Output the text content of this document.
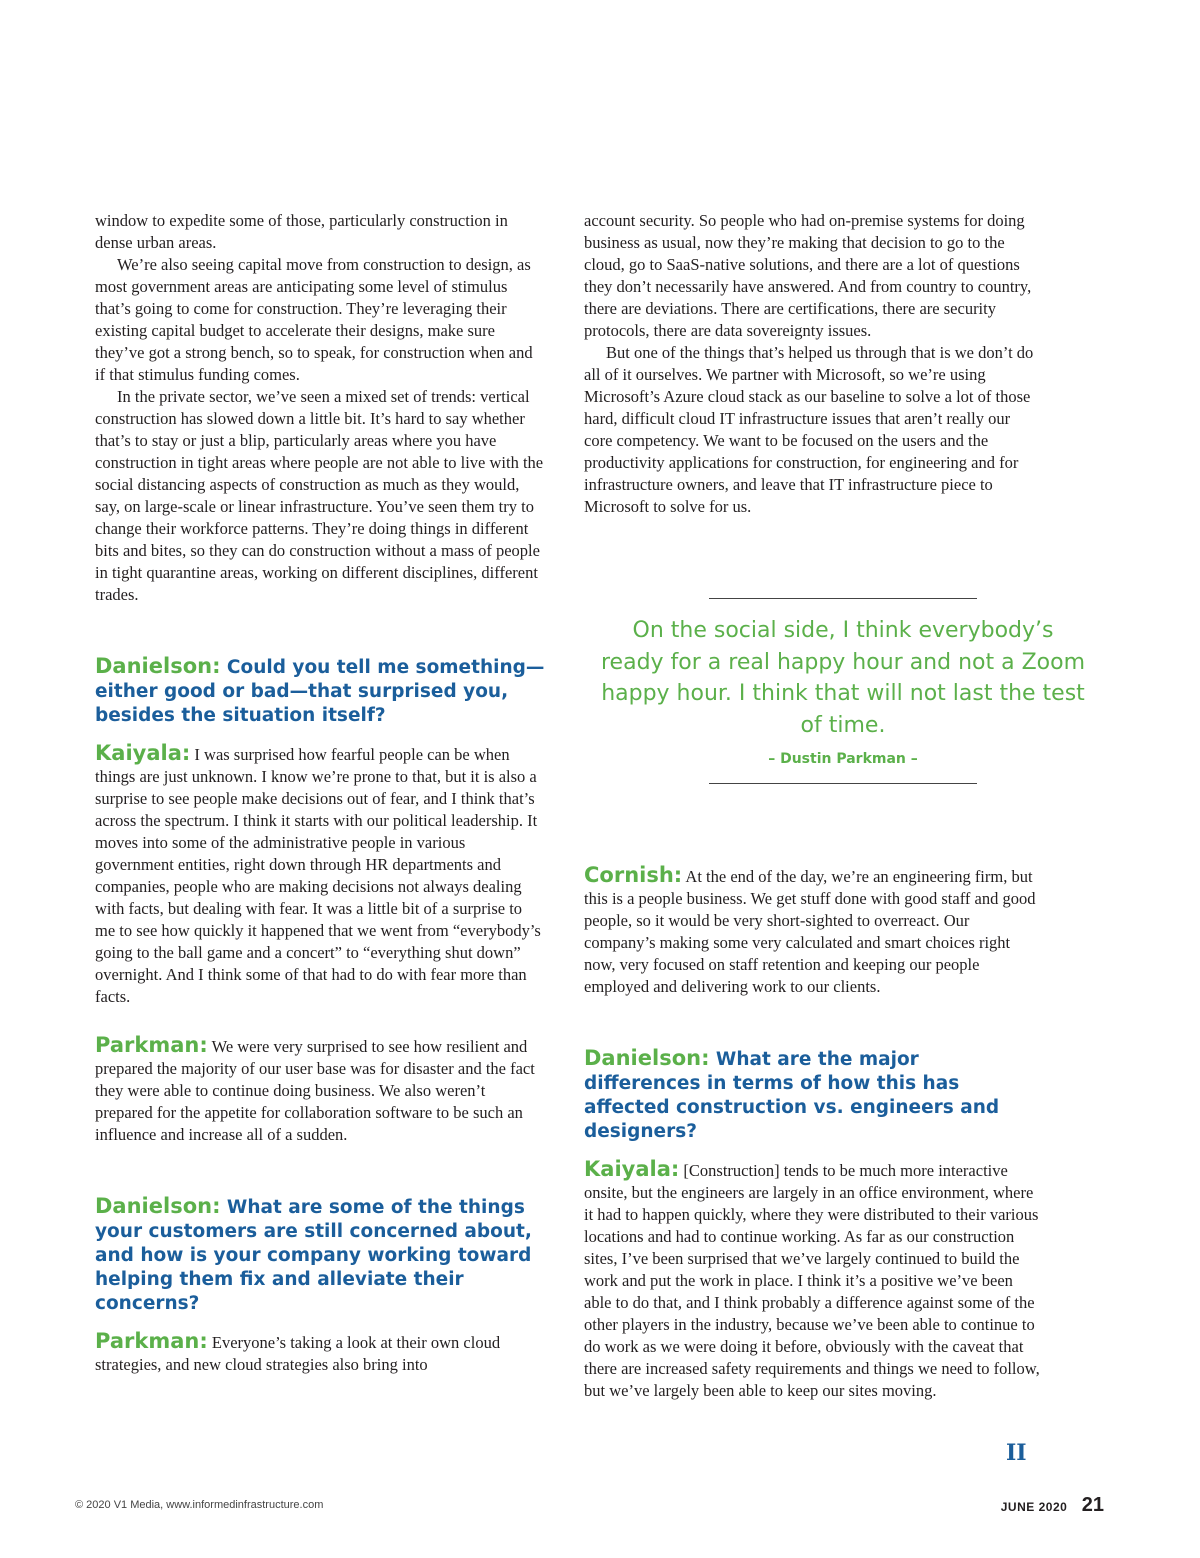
window to expedite some of those, particularly construction in dense urban areas.

We’re also seeing capital move from construction to design, as most government areas are anticipating some level of stimulus that’s going to come for construction. They’re leveraging their existing capital budget to accelerate their designs, make sure they’ve got a strong bench, so to speak, for construction when and if that stimulus funding comes.

In the private sector, we’ve seen a mixed set of trends: vertical construction has slowed down a little bit. It’s hard to say whether that’s to stay or just a blip, particularly areas where you have construction in tight areas where people are not able to live with the social distancing aspects of construction as much as they would, say, on large-scale or linear infrastructure. You’ve seen them try to change their workforce patterns. They’re doing things in different bits and bites, so they can do construction without a mass of people in tight quarantine areas, working on different disciplines, different trades.

Danielson: Could you tell me something—either good or bad—that surprised you, besides the situation itself?

Kaiyala: I was surprised how fearful people can be when things are just unknown. I know we’re prone to that, but it is also a surprise to see people make decisions out of fear, and I think that’s across the spectrum. I think it starts with our political leadership. It moves into some of the administrative people in various government entities, right down through HR departments and companies, people who are making decisions not always dealing with facts, but dealing with fear. It was a little bit of a surprise to me to see how quickly it happened that we went from “everybody’s going to the ball game and a concert” to “everything shut down” overnight. And I think some of that had to do with fear more than facts.

Parkman: We were very surprised to see how resilient and prepared the majority of our user base was for disaster and the fact they were able to continue doing business. We also weren’t prepared for the appetite for collaboration software to be such an influence and increase all of a sudden.

Danielson: What are some of the things your customers are still concerned about, and how is your company working toward helping them fix and alleviate their concerns?

Parkman: Everyone’s taking a look at their own cloud strategies, and new cloud strategies also bring into

account security. So people who had on-premise systems for doing business as usual, now they’re making that decision to go to the cloud, go to SaaS-native solutions, and there are a lot of questions they don’t necessarily have answered. And from country to country, there are deviations. There are certifications, there are security protocols, there are data sovereignty issues.

But one of the things that’s helped us through that is we don’t do all of it ourselves. We partner with Microsoft, so we’re using Microsoft’s Azure cloud stack as our baseline to solve a lot of those hard, difficult cloud IT infrastructure issues that aren’t really our core competency. We want to be focused on the users and the productivity applications for construction, for engineering and for infrastructure owners, and leave that IT infrastructure piece to Microsoft to solve for us.

On the social side, I think everybody’s ready for a real happy hour and not a Zoom happy hour. I think that will not last the test of time.
– Dustin Parkman –

Cornish: At the end of the day, we’re an engineering firm, but this is a people business. We get stuff done with good staff and good people, so it would be very short-sighted to overreact. Our company’s making some very calculated and smart choices right now, very focused on staff retention and keeping our people employed and delivering work to our clients.

Danielson: What are the major differences in terms of how this has affected construction vs. engineers and designers?

Kaiyala: [Construction] tends to be much more interactive onsite, but the engineers are largely in an office environment, where it had to happen quickly, where they were distributed to their various locations and had to continue working. As far as our construction sites, I’ve been surprised that we’ve largely continued to build the work and put the work in place. I think it’s a positive we’ve been able to do that, and I think probably a difference against some of the other players in the industry, because we’ve been able to continue to do work as we were doing it before, obviously with the caveat that there are increased safety requirements and things we need to follow, but we’ve largely been able to keep our sites moving.

II
© 2020 V1 Media, www.informedinfrastructure.com	JUNE 2020 21
